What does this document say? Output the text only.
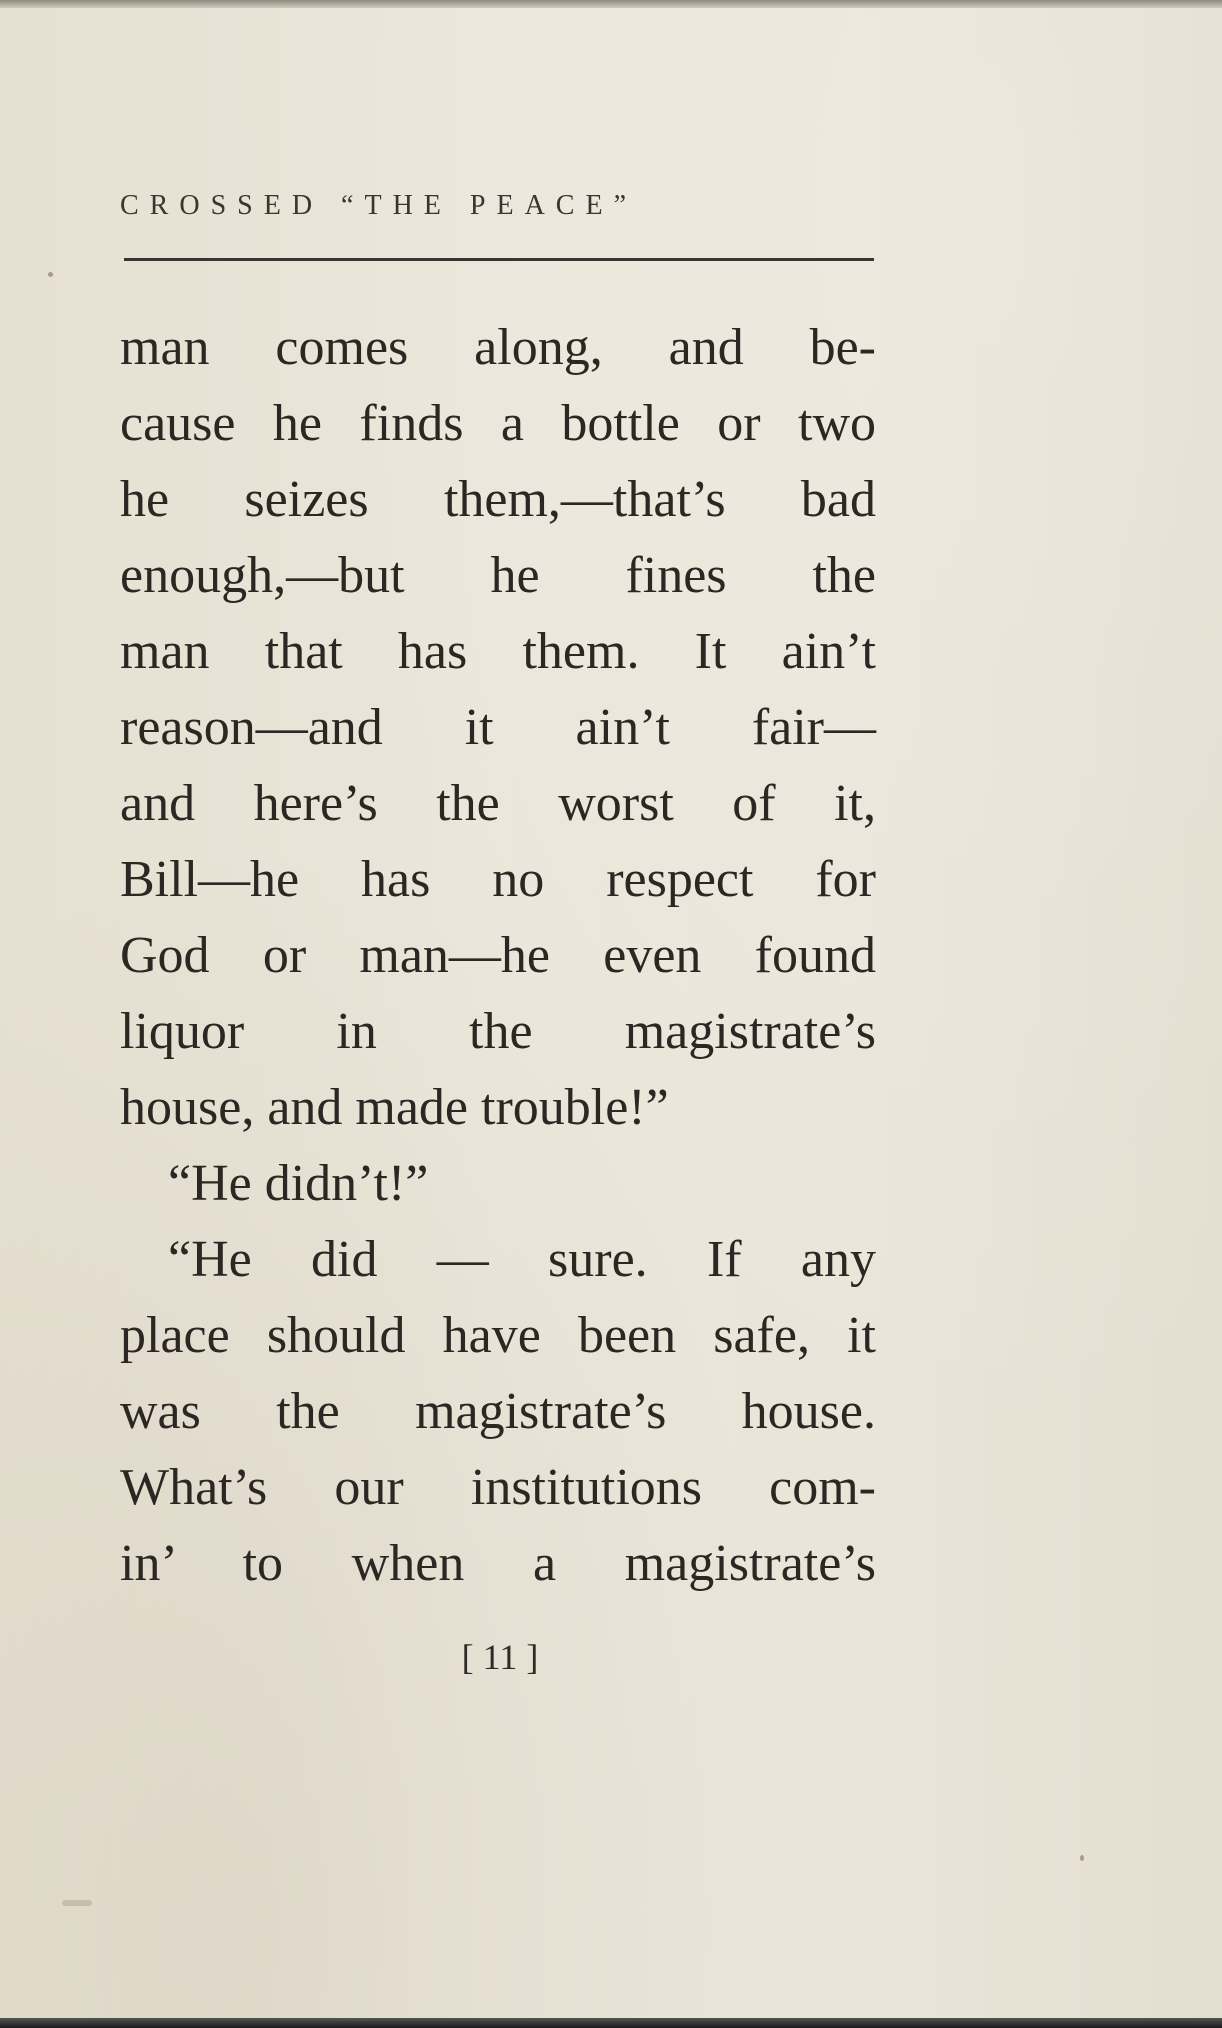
CROSSED “THE PEACE”
man comes along, and be-
cause he finds a bottle or two
he seizes them,—that’s bad
enough,—but he fines the
man that has them. It ain’t
reason—and it ain’t fair—
and here’s the worst of it,
Bill—he has no respect for
God or man—he even found
liquor in the magistrate’s
house, and made trouble!”
“He didn’t!”
“He did — sure. If any
place should have been safe, it
was the magistrate’s house.
What’s our institutions com-
in’ to when a magistrate’s
[ 11 ]
